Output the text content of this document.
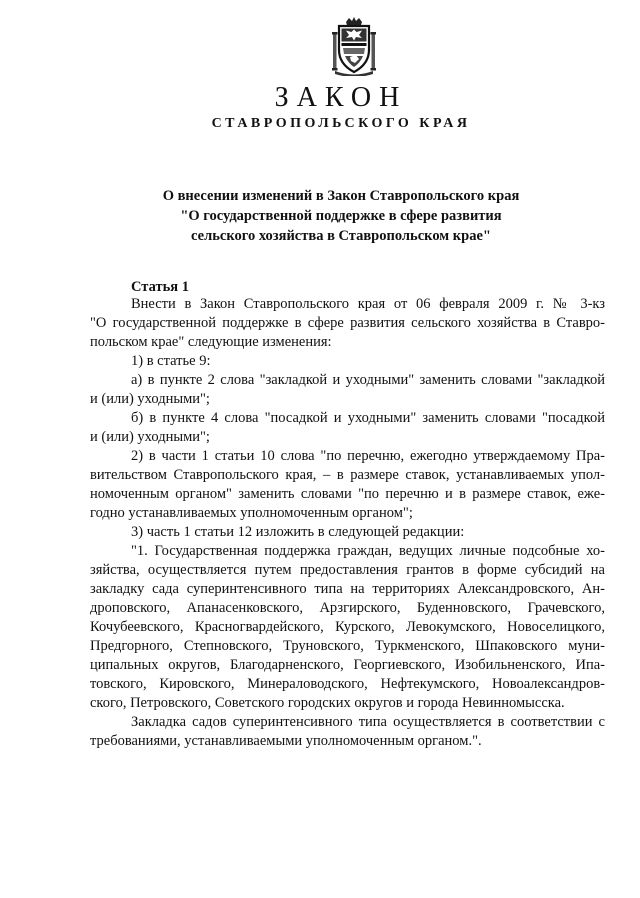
ЗАКОН
СТАВРОПОЛЬСКОГО КРАЯ
О внесении изменений в Закон Ставропольского края
"О государственной поддержке в сфере развития
сельского хозяйства в Ставропольском крае"
Статья 1
Внести в Закон Ставропольского края от 06 февраля 2009 г. № 3-кз
"О государственной поддержке в сфере развития сельского хозяйства в Ставро-
польском крае" следующие изменения:
1) в статье 9:
а) в пункте 2 слова "закладкой и уходными" заменить словами "закладкой
и (или) уходными";
б) в пункте 4 слова "посадкой и уходными" заменить словами "посадкой
и (или) уходными";
2) в части 1 статьи 10 слова "по перечню, ежегодно утверждаемому Пра-
вительством Ставропольского края, – в размере ставок, устанавливаемых упол-
номоченным органом" заменить словами "по перечню и в размере ставок, еже-
годно устанавливаемых уполномоченным органом";
3) часть 1 статьи 12 изложить в следующей редакции:
"1. Государственная поддержка граждан, ведущих личные подсобные хо-
зяйства, осуществляется путем предоставления грантов в форме субсидий на
закладку сада суперинтенсивного типа на территориях Александровского, Ан-
дроповского, Апанасенковского, Арзгирского, Буденновского, Грачевского,
Кочубеевского, Красногвардейского, Курского, Левокумского, Новоселицкого,
Предгорного, Степновского, Труновского, Туркменского, Шпаковского муни-
ципальных округов, Благодарненского, Георгиевского, Изобильненского, Ипа-
товского, Кировского, Минераловодского, Нефтекумского, Новоалександров-
ского, Петровского, Советского городских округов и города Невинномысска.
Закладка садов суперинтенсивного типа осуществляется в соответствии с
требованиями, устанавливаемыми уполномоченным органом.".
